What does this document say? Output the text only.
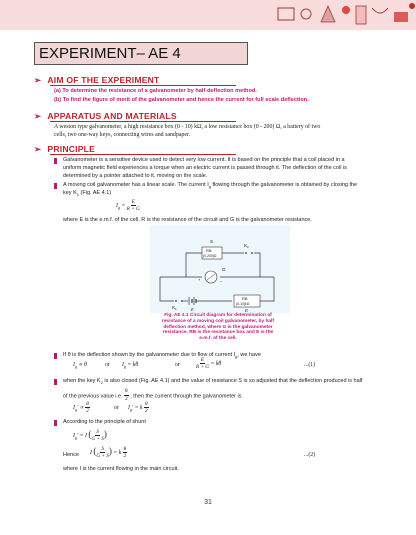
EXPERIMENT– AE 4
➢ AIM OF THE EXPERIMENT
(a) To determine the resistance of a galvanometer by half-deflection method.
(b) To find the figure of merit of the galvanometer and hence the current for full scale deflection.
➢ APPARATUS AND MATERIALS
A weston type galvanometer, a high resistance box (0 - 10) kΩ, a low resistance box (0 - 200) Ω, a battery of two
cells, two one-way keys, connecting wires and sandpaper.
➢ PRINCIPLE
Galvanometer is a sensitive device used to detect very low current. It is based on the principle that a coil placed in a
uniform magnetic field experiences a torque when an electric current is passed through it. The deflection of the coil is
determined by a pointer attached to it, moving on the scale.
A moving coil galvanometer has a linear scale. The current $I_g$ flowing through the galvanometer is obtained by closing the
key $K_1$ (Fig. AE 4.1)
$I_g = \frac{E}{R + G}$
where E is the e.m.f. of the cell, R is the resistance of the circuit and G is the galvanometer resistance.
RB
(0-200)Ω
S
$K_2$
G
+	–
$K_1$	E
RB
(0-10)kΩ
R
Fig. AE 4.1 Circuit diagram for determination of resistance of a moving coil galvanometer, by half deflection method, where G is the galvanometer resistance, RB is the resistance box and E is the e.m.f. of the cell.
If θ is the deflection shown by the galvanometer due to flow of current $I_g$, we have
$I_g \propto \theta$	or $I_g = k\theta$	or	$\frac{E}{R + G} = k\theta$	...(1)
when the key $K_2$ is also closed (Fig. AE 4.1) and the value of resistance S is so adjusted that the deflection produced is half
of the previous value i.e. $\frac{\theta}{2}$ , then the current through the galvanometer is
$I_g' \propto \frac{\theta}{2}$	or $I_g' = k \frac{\theta}{2}$
According to the principle of shunt
$I_g' = I$ ( $\frac{S}{G + S}$ )
Hence I ( $\frac{S}{G + S}$ ) = k $\frac{\theta}{2}$	...(2)
where I is the current flowing in the main circuit.
31
